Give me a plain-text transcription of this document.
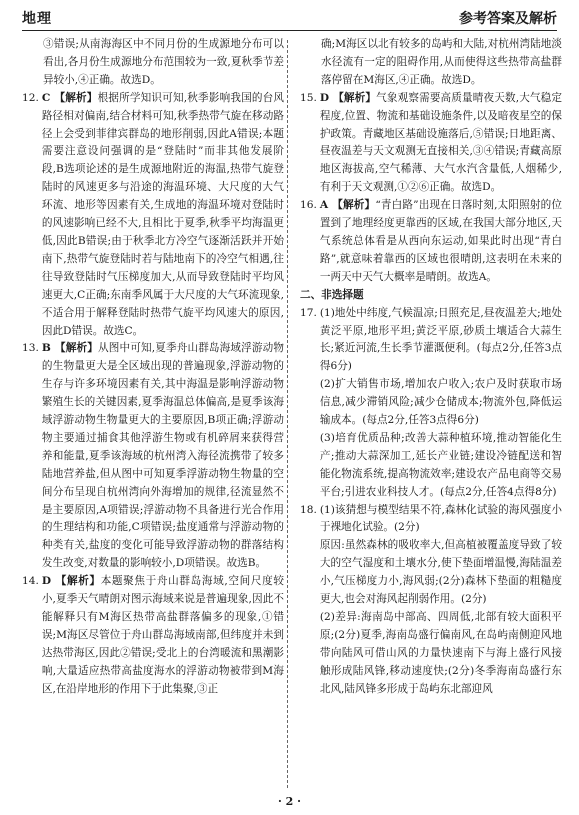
地理	参考答案及解析

③错误;从南海海区中不同月份的生成源地分布可以看出,各月份生成源地分布范围较为一致,夏秋季节差异较小,④正确。故选D。

12. C 【解析】根据所学知识可知,秋季影响我国的台风路径相对偏南,结合材料可知,秋季热带气旋在移动路径上会受到菲律宾群岛的地形削弱,因此A错误;本题需要注意设问强调的是“登陆时”而非其他发展阶段,B选项论述的是生成源地附近的海温,热带气旋登陆时的风速更多与沿途的海温环境、大尺度的大气环流、地形等因素有关,生成地的海温环境对登陆时的风速影响已经不大,且相比于夏季,秋季平均海温更低,因此B错误;由于秋季北方冷空气逐渐活跃并开始南下,热带气旋登陆时若与陆地南下的冷空气相遇,往往导致登陆时气压梯度加大,从而导致登陆时平均风速更大,C正确;东南季风属于大尺度的大气环流现象,不适合用于解释登陆时热带气旋平均风速大的原因,因此D错误。故选C。
13. B 【解析】从图中可知,夏季舟山群岛海域浮游动物的生物量更大是全区域出现的普遍现象,浮游动物的生存与许多环境因素有关,其中海温是影响浮游动物繁殖生长的关键因素,夏季海温总体偏高,是夏季该海域浮游动物生物量更大的主要原因,B项正确;浮游动物主要通过捕食其他浮游生物或有机碎屑来获得营养和能量,夏季该海域的杭州湾入海径流携带了较多陆地营养盐,但从图中可知夏季浮游动物生物量的空间分布呈现自杭州湾向外海增加的规律,径流显然不是主要原因,A项错误;浮游动物不具备进行光合作用的生理结构和功能,C项错误;盐度通常与浮游动物的种类有关,盐度的变化可能导致浮游动物的群落结构发生改变,对数量的影响较小,D项错误。故选B。
14. D 【解析】本题聚焦于舟山群岛海域,空间尺度较小,夏季天气晴朗对图示海域来说是普遍现象,因此不能解释只有M海区热带高盐群落偏多的现象,①错误;M海区尽管位于舟山群岛海域南部,但纬度并未到达热带海区,因此②错误;受北上的台湾暖流和黑潮影响,大量适应热带高盐度海水的浮游动物被带到M海区,在沿岸地形的作用下于此集聚,③正

确;M海区以北有较多的岛屿和大陆,对杭州湾陆地淡水径流有一定的阻碍作用,从而使得这些热带高盐群落停留在M海区,④正确。故选D。

15. D 【解析】气象观察需要高质量晴夜天数,大气稳定程度,位置、物流和基础设施条件,以及暗夜星空的保护政策。青藏地区基础设施落后,⑤错误;日地距离、昼夜温差与天文观测无直接相关,③④错误;青藏高原地区海拔高,空气稀薄、大气水汽含量低,人烟稀少,有利于天文观测,①②⑥正确。故选D。
16. A 【解析】“青白路”出现在日落时刻,太阳照射的位置到了地理经度更靠西的区域,在我国大部分地区,天气系统总体看是从西向东运动,如果此时出现“青白路”,就意味着靠西的区域也很晴朗,这表明在未来的一两天中天气大概率是晴朗。故选A。

二、非选择题

17. (1)地处中纬度,气候温凉;日照充足,昼夜温差大;地处黄泛平原,地形平坦;黄泛平原,砂质土壤适合大蒜生长;紧近河流,生长季节灌溉便利。(每点2分,任答3点得6分)
(2)扩大销售市场,增加农户收入;农户及时获取市场信息,减少滞销风险;减少仓储成本;物流外包,降低运输成本。(每点2分,任答3点得6分)
(3)培育优质品种;改善大蒜种植环境,推动智能化生产;推动大蒜深加工,延长产业链;建设冷链配送和智能化物流系统,提高物流效率;建设农产品电商等交易平台;引进农业科技人才。(每点2分,任答4点得8分)
18. (1)该猜想与模型结果不符,森林化试验的海风强度小于裸地化试验。(2分)
原因:虽然森林的吸收率大,但高植被覆盖度导致了较大的空气湿度和土壤水分,使下垫面增温慢,海陆温差小,气压梯度力小,海风弱;(2分)森林下垫面的粗糙度更大,也会对海风起削弱作用。(2分)
(2)差异:海南岛中部高、四周低,北部有较大面积平原;(2分)夏季,海南岛盛行偏南风,在岛屿南侧迎风地带向陆风可借山风的力量快速南下与海上盛行风接触形成陆风锋,移动速度快;(2分)冬季海南岛盛行东北风,陆风锋多形成于岛屿东北部迎风
· 2 ·
